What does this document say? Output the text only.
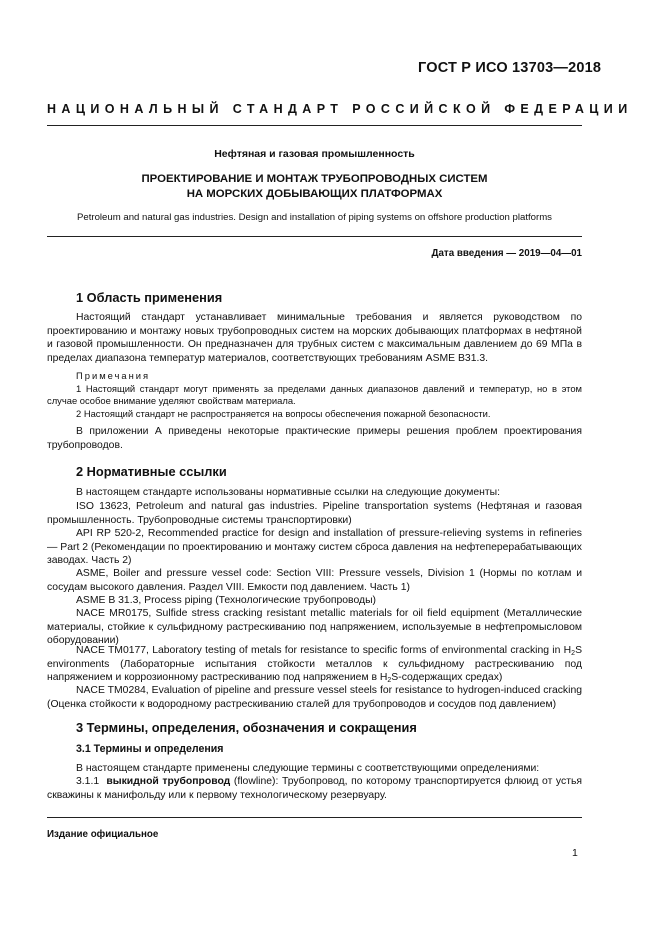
ГОСТ Р ИСО 13703—2018
НАЦИОНАЛЬНЫЙ СТАНДАРТ РОССИЙСКОЙ ФЕДЕРАЦИИ
Нефтяная и газовая промышленность
ПРОЕКТИРОВАНИЕ И МОНТАЖ ТРУБОПРОВОДНЫХ СИСТЕМ
НА МОРСКИХ ДОБЫВАЮЩИХ ПЛАТФОРМАХ
Petroleum and natural gas industries. Design and installation of piping systems on offshore production platforms
Дата введения — 2019—04—01
1 Область применения

Настоящий стандарт устанавливает минимальные требования и является руководством по проектированию и монтажу новых трубопроводных систем на морских добывающих платформах в нефтяной и газовой промышленности. Он предназначен для трубных систем с максимальным давлением до 69 МПа в пределах диапазона температур материалов, соответствующих требованиям ASME B31.3.

Примечания

1 Настоящий стандарт могут применять за пределами данных диапазонов давлений и температур, но в этом случае особое внимание уделяют свойствам материала.

2 Настоящий стандарт не распространяется на вопросы обеспечения пожарной безопасности.

В приложении А приведены некоторые практические примеры решения проблем проектирования трубопроводов.

2 Нормативные ссылки

В настоящем стандарте использованы нормативные ссылки на следующие документы:

ISO 13623, Petroleum and natural gas industries. Pipeline transportation systems (Нефтяная и газовая промышленность. Трубопроводные системы транспортировки)

API RP 520-2, Recommended practice for design and installation of pressure-relieving systems in refineries — Part 2 (Рекомендации по проектированию и монтажу систем сброса давления на нефтеперерабатывающих заводах. Часть 2)

ASME, Boiler and pressure vessel code: Section VIII: Pressure vessels, Division 1 (Нормы по котлам и сосудам высокого давления. Раздел VIII. Емкости под давлением. Часть 1)

ASME B 31.3, Process piping (Технологические трубопроводы)

NACE MR0175, Sulfide stress cracking resistant metallic materials for oil field equipment (Металлические материалы, стойкие к сульфидному растрескиванию под напряжением, используемые в нефтепромысловом оборудовании)

NACE TM0177, Laboratory testing of metals for resistance to specific forms of environmental cracking in $H_2S$ environments (Лабораторные испытания стойкости металлов к сульфидному растрескиванию под напряжением и коррозионному растрескиванию под напряжением в $H_2S$-содержащих средах)

NACE TM0284, Evaluation of pipeline and pressure vessel steels for resistance to hydrogen-induced cracking (Оценка стойкости к водородному растрескиванию сталей для трубопроводов и сосудов под давлением)

3 Термины, определения, обозначения и сокращения
3.1 Термины и определения

В настоящем стандарте применены следующие термины с соответствующими определениями:

3.1.1 выкидной трубопровод (flowline): Трубопровод, по которому транспортируется флюид от устья скважины к манифольду или к первому технологическому резервуару.

Издание официальное
1
